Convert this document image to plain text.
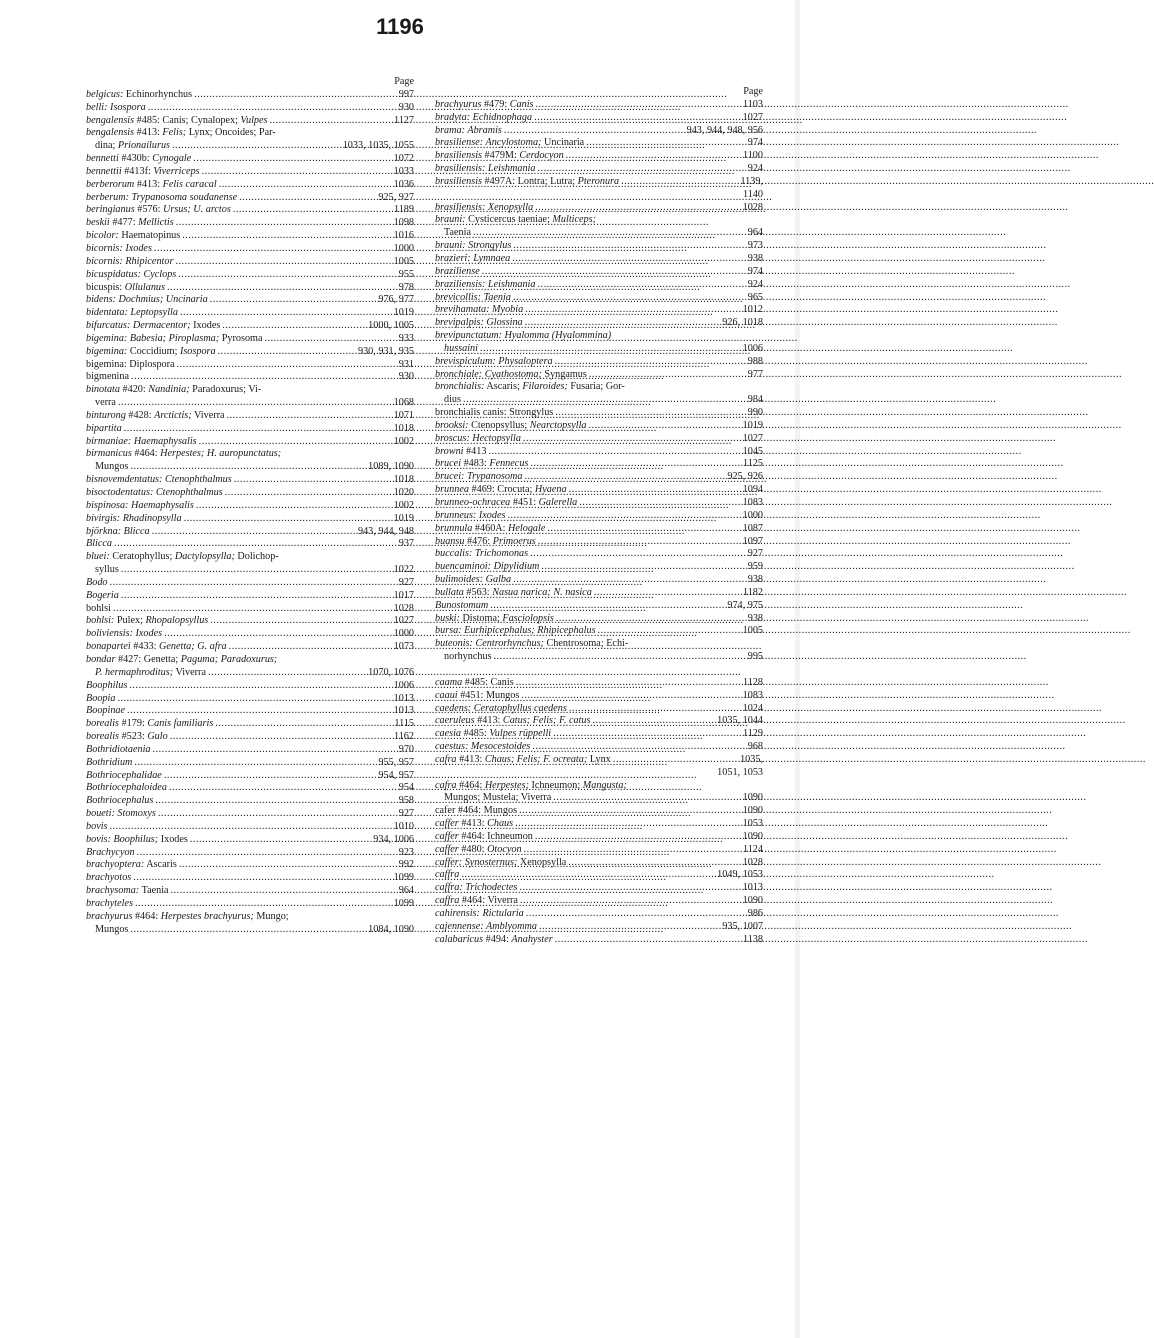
1196
Page
belgicus: Echinorhynchus .....	997
belli: Isospora .....	930
bengalensis #485: Canis; Cynalopex; Vulpes .....	1127
bengalensis #413: Felis; Lynx; Oncoides; Par-
dina; Prionailurus .....	1033, 1035, 1055
bennetti #430b: Cynogale .....	1072
bennettii #413f: Viverriceps .....	1033
berberorum #413: Felis caracal .....	1036
berberum: Trypanosoma soudanense .....	925, 927
beringianus #576: Ursus; U. arctos .....	1189
beskii #477: Mellictis .....	1098
bicolor: Haematopinus .....	1016
bicornis: Ixodes .....	1000
bicornis: Rhipicentor .....	1005
bicuspidatus: Cyclops .....	955
bicuspis: Ollulanus .....	978
bidens: Dochmius; Uncinaria .....	976, 977
bidentata: Leptopsylla .....	1019
bifurcatus: Dermacentor; Ixodes .....	1000, 1005
bigemina: Babesia; Piroplasma; Pyrosoma .....	933
bigemina: Coccidium; Isospora .....	930, 931, 935
bigemina: Diplospora .....	931
bigmenina .....	930
binotata #420: Nandinia; Paradoxurus; Vi-
verra .....	1068
binturong #428: Arctictis; Viverra .....	1071
bipartita .....	1018
birmaniae: Haemaphysalis .....	1002
birmanicus #464: Herpestes; H. auropunctatus;
Mungos .....	1089, 1090
bisnovemdentatus: Ctenophthalmus .....	1018
bisoctodentatus: Ctenophthalmus .....	1020
bispinosa: Haemaphysalis .....	1002
bivirgis: Rhadinopsylla .....	1019
björkna: Blicca .....	943, 944, 948
Blicca .....	937
bluei: Ceratophyllus; Dactylopsylla; Dolichop-
syllus .....	1022
Bodo .....	927
Bogeria .....	1017
bohlsi .....	1028
bohlsi: Pulex; Rhopalopsyllus .....	1027
boliviensis: Ixodes .....	1000
bonapartei #433: Genetta; G. afra .....	1073
bondar #427: Genetta; Paguma; Paradoxurus;
P. hermaphroditus; Viverra .....	1070, 1076
Boophilus .....	1006
Boopia .....	1013
Boopinae .....	1013
borealis #179: Canis familiaris .....	1115
borealis #523: Gulo .....	1162
Bothridiotaenia .....	970
Bothridium .....	955, 957
Bothriocephalidae .....	954, 957
Bothriocephaloidea .....	954
Bothriocephalus .....	958
boueti: Stomoxys .....	927
bovis .....	1010
bovis: Boophilus; Ixodes .....	934, 1006
Brachycyon .....	923
brachyoptera: Ascaris .....	992
brachyotos .....	1099
brachysoma: Taenia .....	964
brachyteles .....	1099
brachyurus #464: Herpestes brachyurus; Mungo;
Mungos .....	1084, 1090
Page
brachyurus #479: Canis .....	1103
bradyta: Echidnophaga .....	1027
brama: Abramis .....	943, 944, 948, 956
brasiliense: Ancylostoma; Uncinaria .....	974
brasiliensis #479M: Cerdocyon .....	1100
brasiliensis: Leishmania .....	924
brasiliensis #497A: Lontra; Lutra; Pteronura .....	1139,
1140
brasiliensis: Xenopsylla .....	1028
brauni: Cysticercus taeniae; Multiceps;
Taenia .....	964
brauni: Strongylus .....	973
brazieri: Lymnaea .....	938
braziliense .....	974
braziliensis: Leishmania .....	924
brevicollis: Taenia .....	965
brevihamata: Myobia .....	1012
brevipalpis: Glossina .....	926, 1018
brevipunctatum: Hyalomma (Hyalommina)
hussaini .....	1006
brevispiculum: Physaloptera .....	988
bronchiale: Cyathostoma; Syngamus .....	977
bronchialis: Ascaris; Filaroides; Fusaria; Gor-
dius .....	984
bronchialis canis: Strongylus .....	990
brooksi: Ctenopsyllus; Nearctopsylla .....	1019
broscus: Hectopsylla .....	1027
browni #413 .....	1045
brucei #483: Fennecus .....	1125
brucei: Trypanosoma .....	925, 926
brunnea #469: Crocuta; Hyaena .....	1094
brunneo-ochracea #451: Galerella .....	1083
brunneus: Ixodes .....	1000
brunnula #460A: Helogale .....	1087
buansu #476: Primoerus .....	1097
buccalis: Trichomonas .....	927
buencaminoi: Dipylidium .....	959
bulimoides: Galba .....	938
bullata #563: Nasua narica; N. nasica .....	1182
Bunostomum .....	974, 975
buski: Distoma; Fasciolopsis .....	938
bursa: Eurhipicephalus; Rhipicephalus .....	1005
buteonis: Centrorhynchus; Chentrosoma; Echi-
norhynchus .....	995
caama #485: Canis .....	1128
caaui #451: Mungos .....	1083
caedens: Ceratophyllus caedens .....	1024
caeruleus #413: Catus; Felis; F. catus .....	1035, 1044
caesia #485: Vulpes rüppelli .....	1129
caestus: Mesocestoides .....	968
cafra #413: Chaus; Felis; F. ocreata; Lynx .....	1035,
1051, 1053
cafra #464: Herpestes; Ichneumon; Mangusta;
Mungos; Mustela; Viverra .....	1090
cafer #464: Mungos .....	1090
caffer #413: Chaus .....	1053
caffer #464: Ichneumon .....	1090
caffer #480: Otocyon .....	1124
caffer: Synosternus; Xenopsylla .....	1028
caffra .....	1049, 1053
caffra: Trichodectes .....	1013
caffra #464: Viverra .....	1090
cahirensis: Rictularia .....	986
cajennense: Amblyomma .....	935, 1007
calabaricus #494: Anahyster .....	1138
